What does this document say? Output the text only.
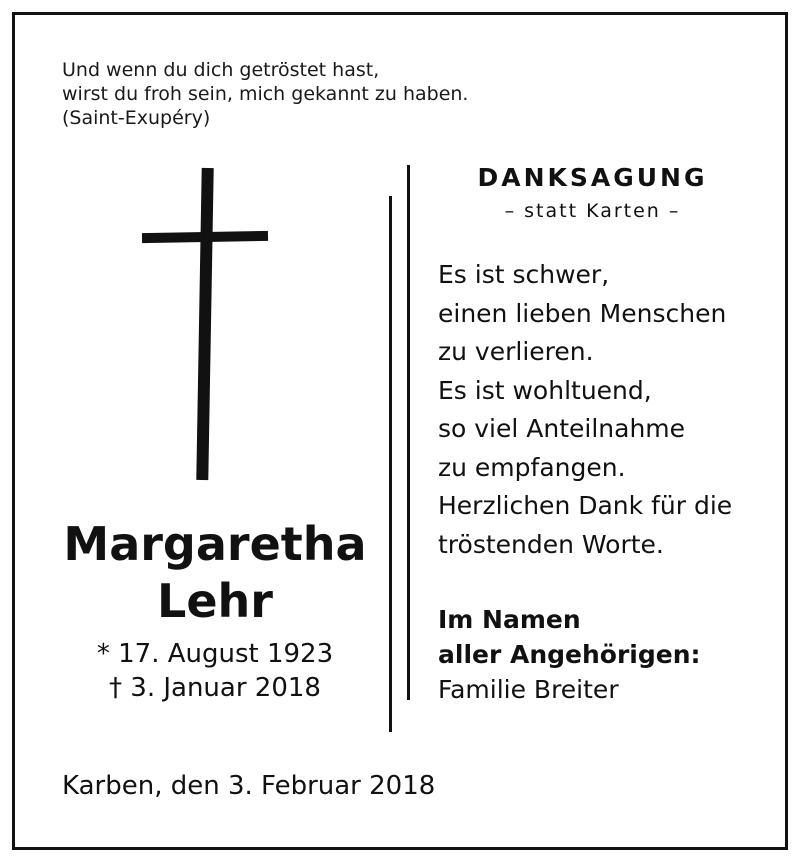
Und wenn du dich getröstet hast,
wirst du froh sein, mich gekannt zu haben.
(Saint-Exupéry)
Margaretha
Lehr
* 17. August 1923
† 3. Januar 2018
DANKSAGUNG
– statt Karten –
Es ist schwer,
einen lieben Menschen
zu verlieren.
Es ist wohltuend,
so viel Anteilnahme
zu empfangen.
Herzlichen Dank für die
tröstenden Worte.
Im Namen
aller Angehörigen:
Familie Breiter
Karben, den 3. Februar 2018
